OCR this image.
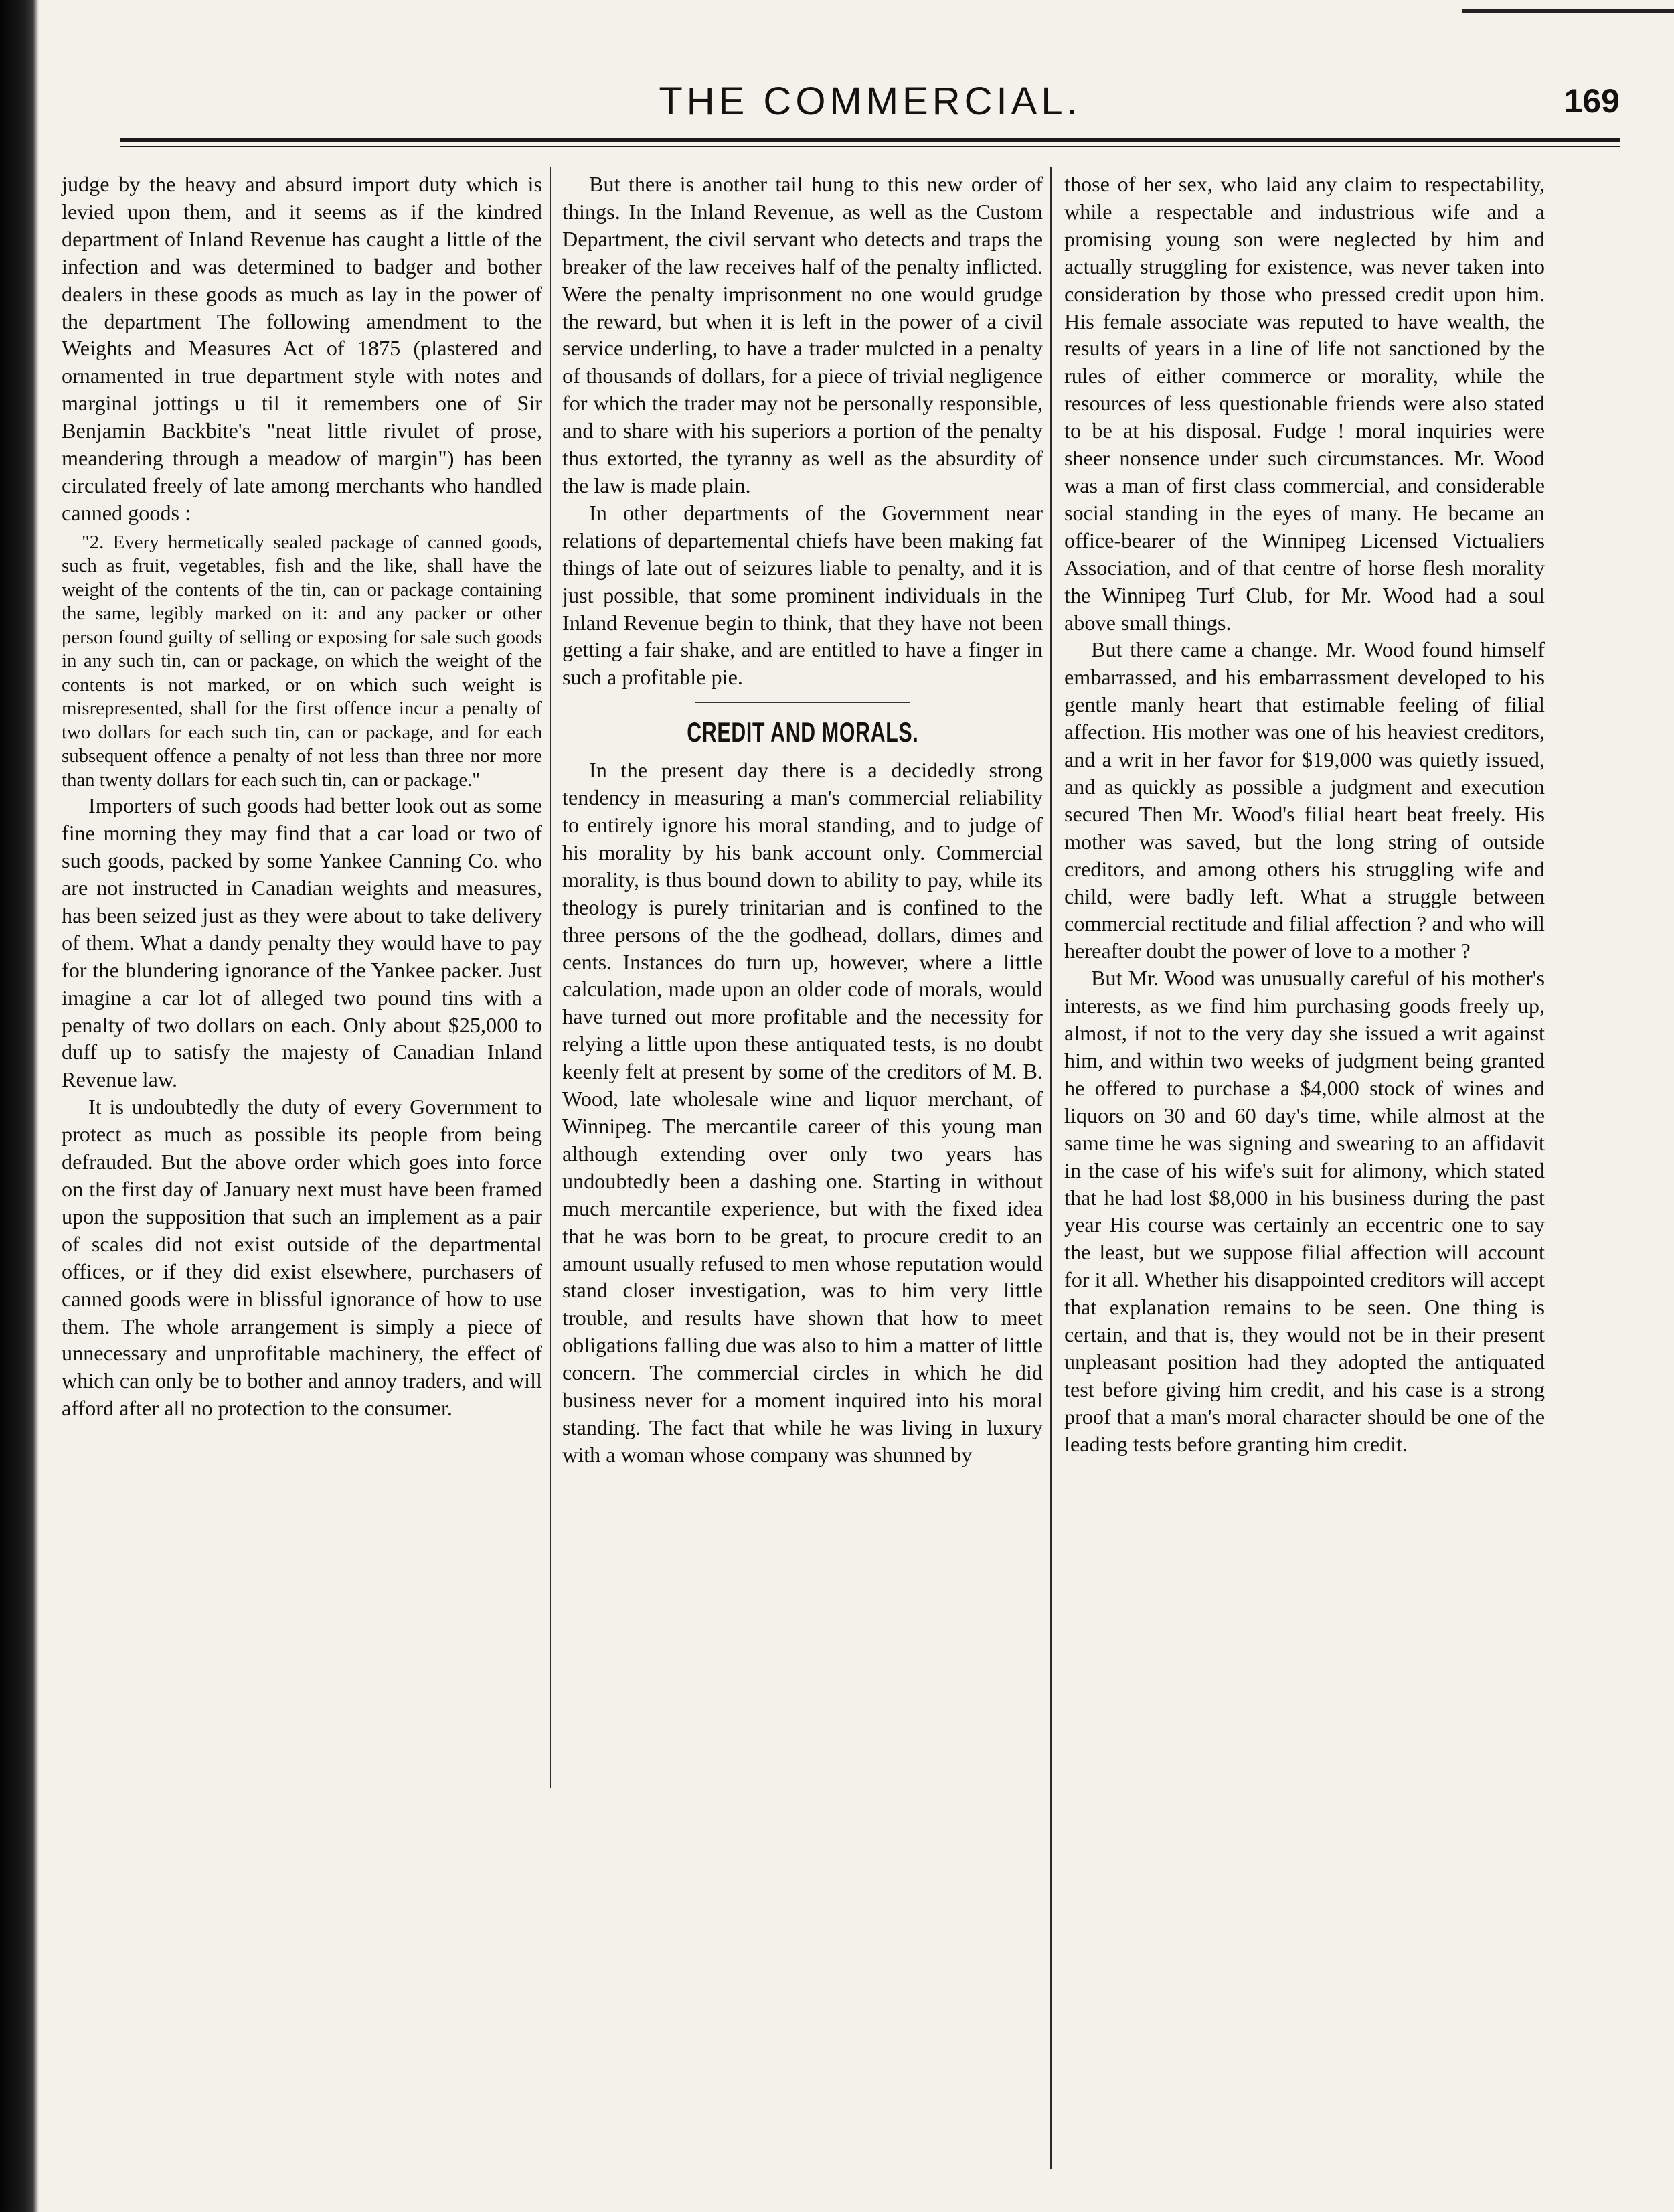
THE COMMERCIAL.	169

judge by the heavy and absurd import duty which is levied upon them, and it seems as if the kindred department of Inland Revenue has caught a little of the infection and was determined to badger and bother dealers in these goods as much as lay in the power of the department The following amendment to the Weights and Measures Act of 1875 (plastered and ornamented in true department style with notes and marginal jottings u til it remembers one of Sir Benjamin Backbite's "neat little rivulet of prose, meandering through a meadow of margin") has been circulated freely of late among merchants who handled canned goods :

"2. Every hermetically sealed package of canned goods, such as fruit, vegetables, fish and the like, shall have the weight of the contents of the tin, can or package containing the same, legibly marked on it: and any packer or other person found guilty of selling or exposing for sale such goods in any such tin, can or package, on which the weight of the contents is not marked, or on which such weight is misrepresented, shall for the first offence incur a penalty of two dollars for each such tin, can or package, and for each subsequent offence a penalty of not less than three nor more than twenty dollars for each such tin, can or package."

Importers of such goods had better look out as some fine morning they may find that a car load or two of such goods, packed by some Yankee Canning Co. who are not instructed in Canadian weights and measures, has been seized just as they were about to take delivery of them. What a dandy penalty they would have to pay for the blundering ignorance of the Yankee packer. Just imagine a car lot of alleged two pound tins with a penalty of two dollars on each. Only about $25,000 to duff up to satisfy the majesty of Canadian Inland Revenue law.

It is undoubtedly the duty of every Government to protect as much as possible its people from being defrauded. But the above order which goes into force on the first day of January next must have been framed upon the supposition that such an implement as a pair of scales did not exist outside of the departmental offices, or if they did exist elsewhere, purchasers of canned goods were in blissful ignorance of how to use them. The whole arrangement is simply a piece of unnecessary and unprofitable machinery, the effect of which can only be to bother and annoy traders, and will afford after all no protection to the consumer.

But there is another tail hung to this new order of things. In the Inland Revenue, as well as the Custom Department, the civil servant who detects and traps the breaker of the law receives half of the penalty inflicted. Were the penalty imprisonment no one would grudge the reward, but when it is left in the power of a civil service underling, to have a trader mulcted in a penalty of thousands of dollars, for a piece of trivial negligence for which the trader may not be personally responsible, and to share with his superiors a portion of the penalty thus extorted, the tyranny as well as the absurdity of the law is made plain.

In other departments of the Government near relations of departemental chiefs have been making fat things of late out of seizures liable to penalty, and it is just possible, that some prominent individuals in the Inland Revenue begin to think, that they have not been getting a fair shake, and are entitled to have a finger in such a profitable pie.

CREDIT AND MORALS.

In the present day there is a decidedly strong tendency in measuring a man's commercial reliability to entirely ignore his moral standing, and to judge of his morality by his bank account only. Commercial morality, is thus bound down to ability to pay, while its theology is purely trinitarian and is confined to the three persons of the the godhead, dollars, dimes and cents. Instances do turn up, however, where a little calculation, made upon an older code of morals, would have turned out more profitable and the necessity for relying a little upon these antiquated tests, is no doubt keenly felt at present by some of the creditors of M. B. Wood, late wholesale wine and liquor merchant, of Winnipeg. The mercantile career of this young man although extending over only two years has undoubtedly been a dashing one. Starting in without much mercantile experience, but with the fixed idea that he was born to be great, to procure credit to an amount usually refused to men whose reputation would stand closer investigation, was to him very little trouble, and results have shown that how to meet obligations falling due was also to him a matter of little concern. The commercial circles in which he did business never for a moment inquired into his moral standing. The fact that while he was living in luxury with a woman whose company was shunned by

those of her sex, who laid any claim to respectability, while a respectable and industrious wife and a promising young son were neglected by him and actually struggling for existence, was never taken into consideration by those who pressed credit upon him. His female associate was reputed to have wealth, the results of years in a line of life not sanctioned by the rules of either commerce or morality, while the resources of less questionable friends were also stated to be at his disposal. Fudge ! moral inquiries were sheer nonsence under such circumstances. Mr. Wood was a man of first class commercial, and considerable social standing in the eyes of many. He became an office-bearer of the Winnipeg Licensed Victualiers Association, and of that centre of horse flesh morality the Winnipeg Turf Club, for Mr. Wood had a soul above small things.

But there came a change. Mr. Wood found himself embarrassed, and his embarrassment developed to his gentle manly heart that estimable feeling of filial affection. His mother was one of his heaviest creditors, and a writ in her favor for $19,000 was quietly issued, and as quickly as possible a judgment and execution secured Then Mr. Wood's filial heart beat freely. His mother was saved, but the long string of outside creditors, and among others his struggling wife and child, were badly left. What a struggle between commercial rectitude and filial affection ? and who will hereafter doubt the power of love to a mother ?

But Mr. Wood was unusually careful of his mother's interests, as we find him purchasing goods freely up, almost, if not to the very day she issued a writ against him, and within two weeks of judgment being granted he offered to purchase a $4,000 stock of wines and liquors on 30 and 60 day's time, while almost at the same time he was signing and swearing to an affidavit in the case of his wife's suit for alimony, which stated that he had lost $8,000 in his business during the past year His course was certainly an eccentric one to say the least, but we suppose filial affection will account for it all. Whether his disappointed creditors will accept that explanation remains to be seen. One thing is certain, and that is, they would not be in their present unpleasant position had they adopted the antiquated test before giving him credit, and his case is a strong proof that a man's moral character should be one of the leading tests before granting him credit.
